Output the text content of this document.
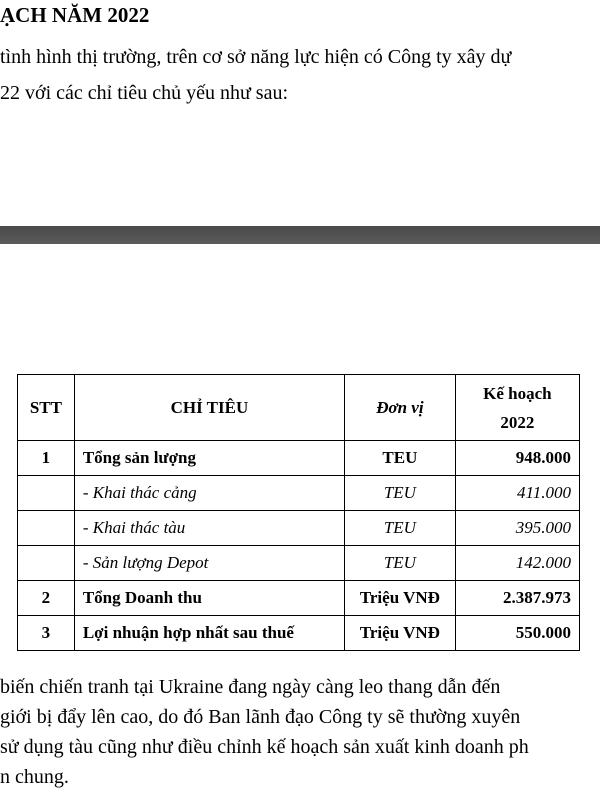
ẠCH NĂM 2022
tình hình thị trường, trên cơ sở năng lực hiện có Công ty xây dự
22 với các chỉ tiêu chủ yếu như sau:
STT	CHỈ TIÊU	Đơn vị	Kế hoạch
2022
1	Tổng sản lượng	TEU	948.000
	- Khai thác cảng	TEU	411.000
	- Khai thác tàu	TEU	395.000
	- Sản lượng Depot	TEU	142.000
2	Tổng Doanh thu	Triệu VNĐ	2.387.973
3	Lợi nhuận hợp nhất sau thuế	Triệu VNĐ	550.000
biến chiến tranh tại Ukraine đang ngày càng leo thang dẫn đến
giới bị đẩy lên cao, do đó Ban lãnh đạo Công ty sẽ thường xuyên
sử dụng tàu cũng như điều chỉnh kế hoạch sản xuất kinh doanh ph
n chung.
